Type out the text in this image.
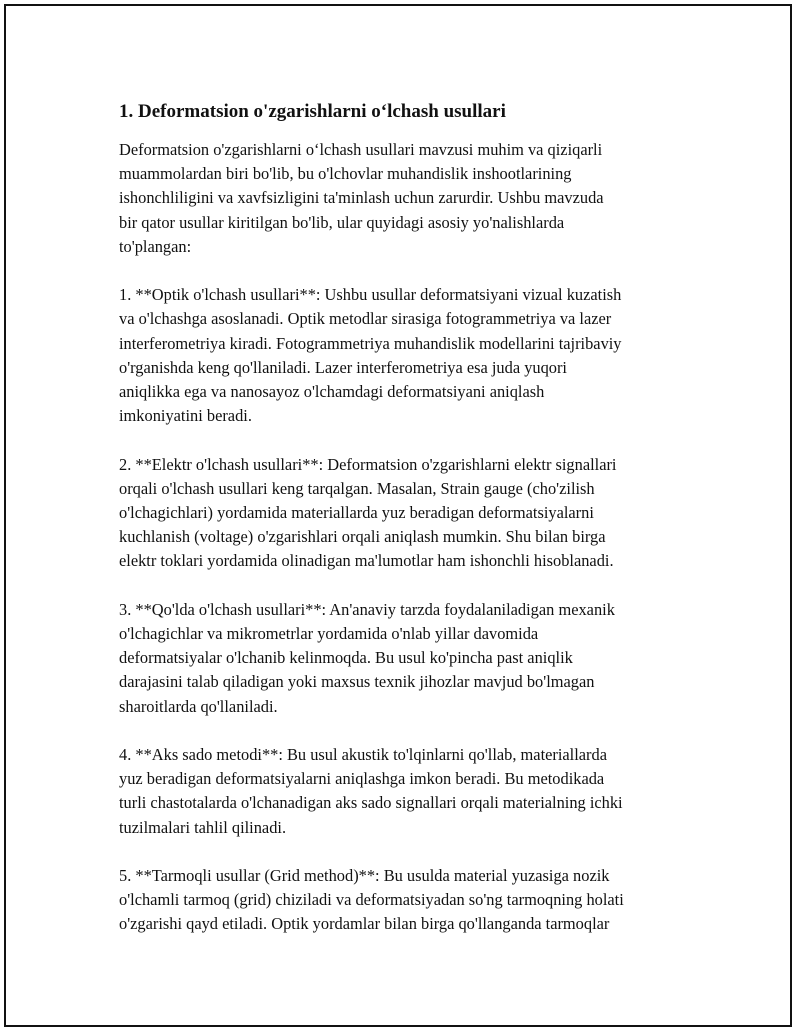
1. Deformatsion o'zgarishlarni o‘lchash usullari

Deformatsion o'zgarishlarni o‘lchash usullari mavzusi muhim va qiziqarli
muammolardan biri bo'lib, bu o'lchovlar muhandislik inshootlarining
ishonchliligini va xavfsizligini ta'minlash uchun zarurdir. Ushbu mavzuda
bir qator usullar kiritilgan bo'lib, ular quyidagi asosiy yo'nalishlarda
to'plangan:

1. **Optik o'lchash usullari**: Ushbu usullar deformatsiyani vizual kuzatish
va o'lchashga asoslanadi. Optik metodlar sirasiga fotogrammetriya va lazer
interferometriya kiradi. Fotogrammetriya muhandislik modellarini tajribaviy
o'rganishda keng qo'llaniladi. Lazer interferometriya esa juda yuqori
aniqlikka ega va nanosayoz o'lchamdagi deformatsiyani aniqlash
imkoniyatini beradi.

2. **Elektr o'lchash usullari**: Deformatsion o'zgarishlarni elektr signallari
orqali o'lchash usullari keng tarqalgan. Masalan, Strain gauge (cho'zilish
o'lchagichlari) yordamida materiallarda yuz beradigan deformatsiyalarni
kuchlanish (voltage) o'zgarishlari orqali aniqlash mumkin. Shu bilan birga
elektr toklari yordamida olinadigan ma'lumotlar ham ishonchli hisoblanadi.

3. **Qo'lda o'lchash usullari**: An'anaviy tarzda foydalaniladigan mexanik
o'lchagichlar va mikrometrlar yordamida o'nlab yillar davomida
deformatsiyalar o'lchanib kelinmoqda. Bu usul ko'pincha past aniqlik
darajasini talab qiladigan yoki maxsus texnik jihozlar mavjud bo'lmagan
sharoitlarda qo'llaniladi.

4. **Aks sado metodi**: Bu usul akustik to'lqinlarni qo'llab, materiallarda
yuz beradigan deformatsiyalarni aniqlashga imkon beradi. Bu metodikada
turli chastotalarda o'lchanadigan aks sado signallari orqali materialning ichki
tuzilmalari tahlil qilinadi.

5. **Tarmoqli usullar (Grid method)**: Bu usulda material yuzasiga nozik
o'lchamli tarmoq (grid) chiziladi va deformatsiyadan so'ng tarmoqning holati
o'zgarishi qayd etiladi. Optik yordamlar bilan birga qo'llanganda tarmoqlar
